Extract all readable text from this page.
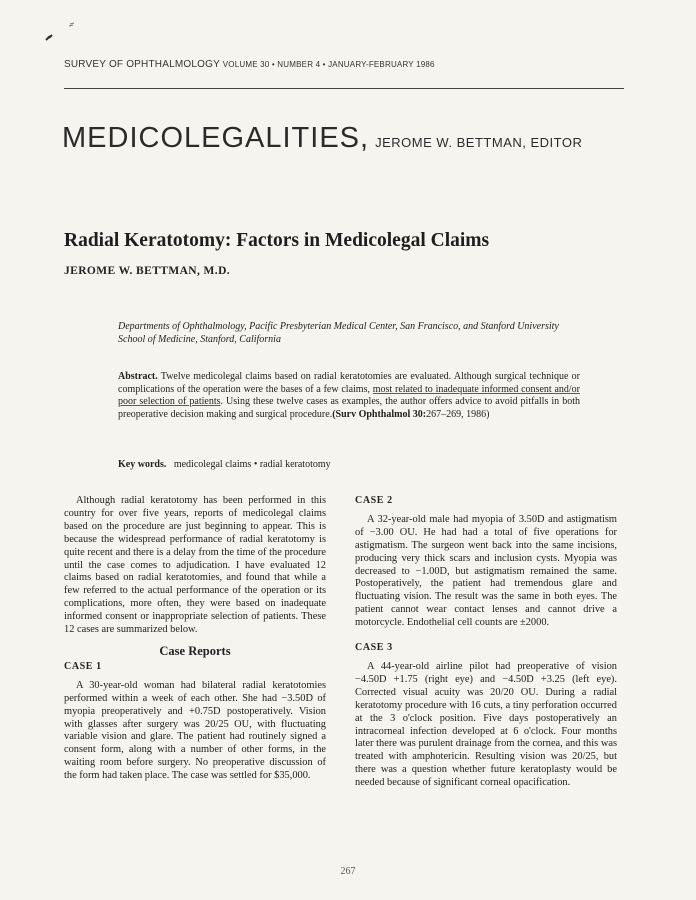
SURVEY OF OPHTHALMOLOGY VOLUME 30 • NUMBER 4 • JANUARY-FEBRUARY 1986
MEDICOLEGALITIES, JEROME W. BETTMAN, EDITOR
Radial Keratotomy: Factors in Medicolegal Claims
JEROME W. BETTMAN, M.D.
Departments of Ophthalmology, Pacific Presbyterian Medical Center, San Francisco, and Stanford University School of Medicine, Stanford, California
Abstract. Twelve medicolegal claims based on radial keratotomies are evaluated. Although surgical technique or complications of the operation were the bases of a few claims, most related to inadequate informed consent and/or poor selection of patients. Using these twelve cases as examples, the author offers advice to avoid pitfalls in both preoperative decision making and surgical procedure.(Surv Ophthalmol 30:267–269, 1986)
Key words. medicolegal claims • radial keratotomy

Although radial keratotomy has been performed in this country for over five years, reports of medicolegal claims based on the procedure are just beginning to appear. This is because the widespread performance of radial keratotomy is quite recent and there is a delay from the time of the procedure until the case comes to adjudication. I have evaluated 12 claims based on radial keratotomies, and found that while a few referred to the actual performance of the operation or its complications, more often, they were based on inadequate informed consent or inappropriate selection of patients. These 12 cases are summarized below.

Case Reports
CASE 1

A 30-year-old woman had bilateral radial keratotomies performed within a week of each other. She had −3.50D of myopia preoperatively and +0.75D postoperatively. Vision with glasses after surgery was 20/25 OU, with fluctuating variable vision and glare. The patient had routinely signed a consent form, along with a number of other forms, in the waiting room before surgery. No preoperative discussion of the form had taken place. The case was settled for $35,000.

CASE 2

A 32-year-old male had myopia of 3.50D and astigmatism of −3.00 OU. He had had a total of five operations for astigmatism. The surgeon went back into the same incisions, producing very thick scars and inclusion cysts. Myopia was decreased to −1.00D, but astigmatism remained the same. Postoperatively, the patient had tremendous glare and fluctuating vision. The result was the same in both eyes. The patient cannot wear contact lenses and cannot drive a motorcycle. Endothelial cell counts are ±2000.

CASE 3

A 44-year-old airline pilot had preoperative of vision −4.50D +1.75 (right eye) and −4.50D +3.25 (left eye). Corrected visual acuity was 20/20 OU. During a radial keratotomy procedure with 16 cuts, a tiny perforation occurred at the 3 o'clock position. Five days postoperatively an intracorneal infection developed at 6 o'clock. Four months later there was purulent drainage from the cornea, and this was treated with amphotericin. Resulting vision was 20/25, but there was a question whether future keratoplasty would be needed because of significant corneal opacification.

267
